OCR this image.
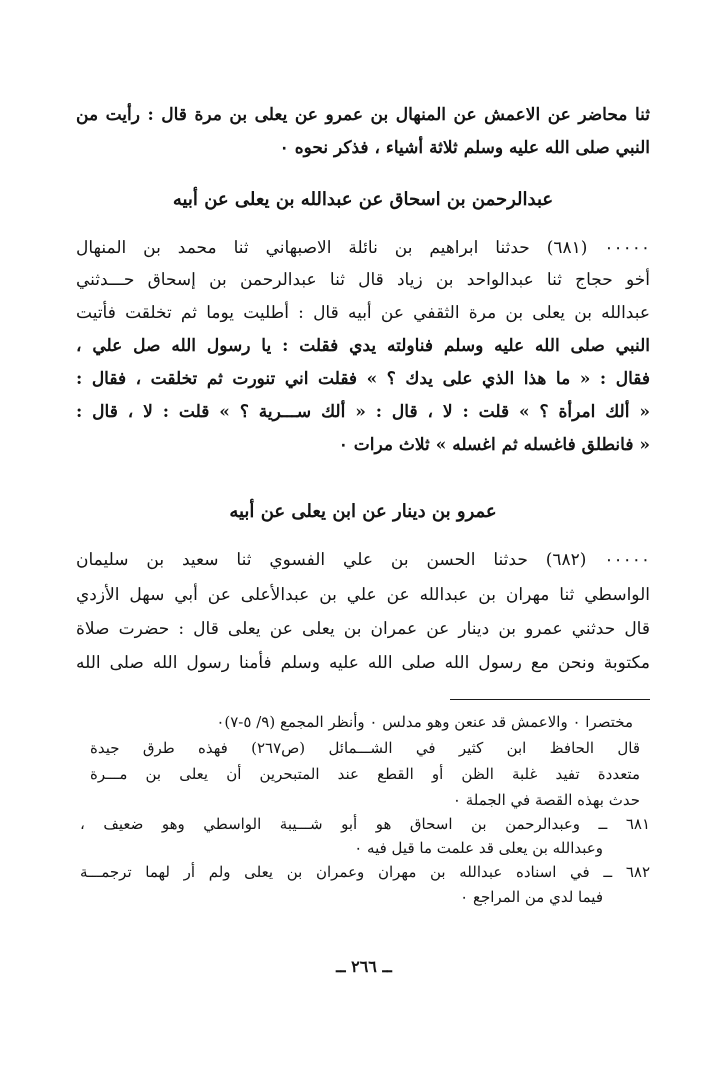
ثنا محاضر عن الاعمش عن المنهال بن عمرو عن يعلى بن مرة قال : رأيت من
النبي صلى الله عليه وسلم ثلاثة أشياء ، فذكر نحوه ٠
عبدالرحمن بن اسحاق عن عبدالله بن يعلى عن أبيه
٠٠٠٠٠ (٦٨١) حدثنا ابراهيم بن نائلة الاصبهاني ثنا محمد بن المنهال
أخو حجاج ثنا عبدالواحد بن زياد قال ثنا عبدالرحمن بن إسحاق حـــدثني
عبدالله بن يعلى بن مرة الثقفي عن أبيه قال : أطليت يوما ثم تخلقت فأتيت
النبي صلى الله عليه وسلم فناولته يدي فقلت : يا رسول الله صل علي ،
فقال : « ما هذا الذي على يدك ؟ » فقلت اني تنورت ثم تخلقت ، فقال :
« ألك امرأة ؟ » قلت : لا ، قال : « ألك ســـرية ؟ » قلت : لا ، قال :
« فانطلق فاغسله ثم اغسله » ثلاث مرات ٠
عمرو بن دينار عن ابن يعلى عن أبيه
٠٠٠٠٠ (٦٨٢) حدثنا الحسن بن علي الفسوي ثنا سعيد بن سليمان
الواسطي ثنا مهران بن عبدالله عن علي بن عبدالأعلى عن أبي سهل الأزدي
قال حدثني عمرو بن دينار عن عمران بن يعلى عن يعلى قال : حضرت صلاة
مكتوبة ونحن مع رسول الله صلى الله عليه وسلم فأمنا رسول الله صلى الله
مختصرا ٠ والاعمش قد عنعن وهو مدلس ٠ وأنظر المجمع (٩/ ٥-٧)٠
قال الحافظ ابن كثير في الشـــمائل (ص٢٦٧) فهذه طرق جيدة
متعددة تفيد غلبة الظن أو القطع عند المتبحرين أن يعلى بن مـــرة
حدث بهذه القصة في الجملة ٠
٦٨١ ــ وعبدالرحمن بن اسحاق هو أبو شـــيبة الواسطي وهو ضعيف ،
وعبدالله بن يعلى قد علمت ما قيل فيه ٠
٦٨٢ ــ في اسناده عبدالله بن مهران وعمران بن يعلى ولم أر لهما ترجمـــة
فيما لدي من المراجع ٠
ــ ٢٦٦ ــ
